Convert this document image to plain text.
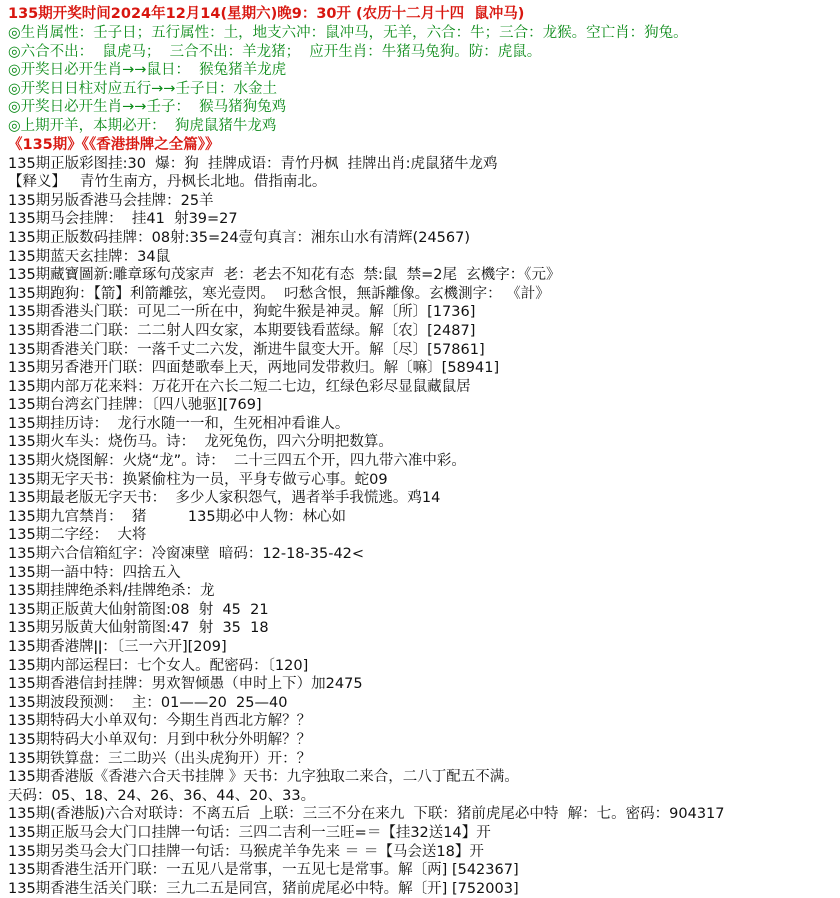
135期开奖时间2024年12月14(星期六)晚9：30开 (农历十二月十四  鼠冲马)
◎生肖属性：壬子日；五行属性：土，地支六冲：鼠冲马，无羊，六合：牛；三合：龙猴。空亡肖：狗兔。
◎六合不出：  鼠虎马；  三合不出：羊龙猪；  应开生肖：牛猪马兔狗。防：虎鼠。
◎开奖日必开生肖→→鼠日：  猴兔猪羊龙虎
◎开奖日日柱对应五行→→壬子日：水金土
◎开奖日必开生肖→→壬子：  猴马猪狗兔鸡
◎上期开羊，本期必开：  狗虎鼠猪牛龙鸡
《135期》《《香港掛牌之全篇》》
135期正版彩图挂:30  爆：狗  挂牌成语：青竹丹枫  挂牌出肖:虎鼠猪牛龙鸡
【释义】   青竹生南方，丹枫长北地。借指南北。
135期另版香港马会挂牌：25羊
135期马会挂牌：  挂41  射39=27
135期正版数码挂牌：08射:35=24壹句真言：湘东山水有清辉(24567)
135期蓝天玄挂牌：34鼠
135期藏寶圖新:雕章琢句茂家声  老：老去不知花有态  禁:鼠  禁=2尾  玄機字：《元》
135期跑狗：【箭】利箭離弦，寒光壹閃。  叼愁含恨，無訴離像。玄機測字： 《計》
135期香港头门联：可见二一所在中，狗蛇牛猴是神灵。解〔所〕[1736]
135期香港二门联：二二射人四女家，本期要钱看蓝绿。解〔农〕[2487]
135期香港关门联：一落千丈二六发，渐进牛鼠变大开。解〔尽〕[57861]
135期另香港开门联：四面楚歌奉上天，两地同发带救归。解〔嘛〕[58941]
135期内部万花来料：万花开在六长二短二七边，红绿色彩尽显鼠藏鼠居
135期台湾玄门挂牌：〔四八驰驱][769]
135期挂历诗：  龙行水随一一和，生死相冲看谁人。
135期火车头：烧伤马。诗：  龙死兔伤，四六分明把数算。
135期火烧图解：火烧“龙”。诗：  二十三四五个开，四九带六准中彩。
135期无字天书：换紧偷柱为一员，平身专做亏心事。蛇09
135期最老版无字天书：  多少人家积怨气，遇者举手我慌逃。鸡14
135期九宫禁肖：  猪         135期必中人物：林心如
135期二字经：  大将
135期六合信箱紅字：冷窗凍壁  暗码：12-18-35-42<
135期一語中特：四捨五入
135期挂牌绝杀料/挂牌绝杀：龙
135期正版黄大仙射箭图:08  射  45  21
135期另版黄大仙射箭图:47  射  35  18
135期香港牌ǀǀ：〔三一六开][209]
135期内部运程曰：七个女人。配密码：〔120]
135期香港信封挂牌：男欢智倾愚（申时上下）加2475
135期波段预测：  主：01——20  25—40
135期特码大小单双句：今期生肖西北方解？？
135期特码大小单双句：月到中秋分外明解？？
135期铁算盘：三二助兴（出头虎狗开）开：？
135期香港版《香港六合天书挂牌 》天书：九字独取二来合，二八丁配五不满。
天码：05、18、24、26、36、44、20、33。
135期(香港版)六合对联诗：不离五后  上联：三三不分在来九  下联：猪前虎尾必中特  解：七。密码：904317
135期正版马会大门口挂牌一句话：三四二吉利一三旺=＝【挂32送14】开
135期另类马会大门口挂牌一句话：马猴虎羊争先来 ＝ ＝【马会送18】开
135期香港生活开门联：一五见八是常事，一五见七是常事。解〔两] [542367]
135期香港生活关门联：三九二五是同宫，猪前虎尾必中特。解〔开] [752003]
